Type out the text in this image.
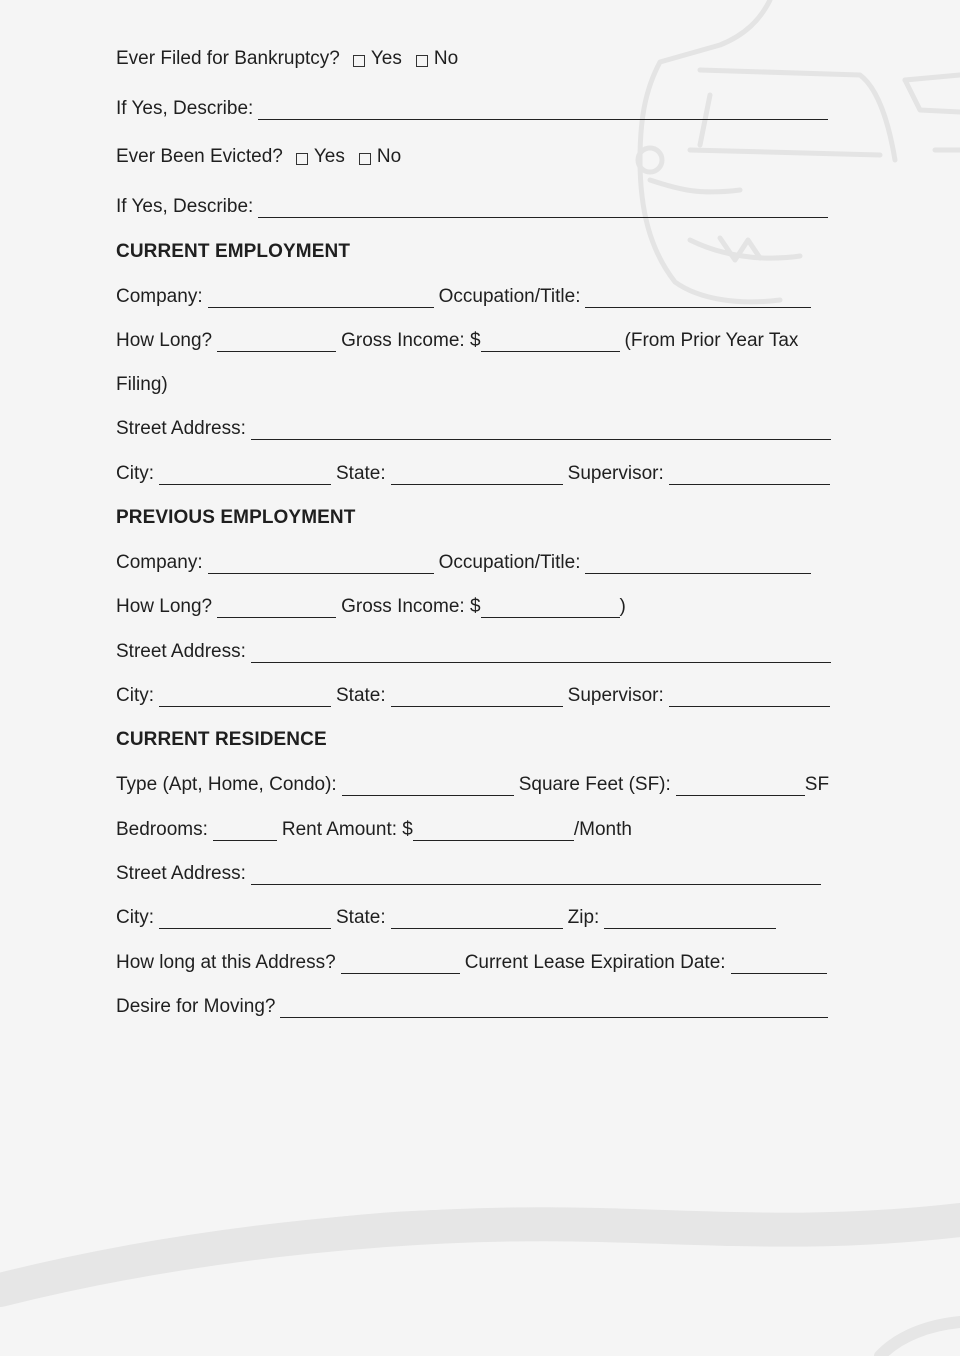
Ever Filed for Bankruptcy? Yes No
If Yes, Describe:
Ever Been Evicted? Yes No
If Yes, Describe:
CURRENT EMPLOYMENT
Company:	Occupation/Title:
How Long?	Gross Income: $	(From Prior Year Tax
Filing)
Street Address:
City:	State:	Supervisor:
PREVIOUS EMPLOYMENT
Company:	Occupation/Title:
How Long?	Gross Income: $	)
Street Address:
City:	State:	Supervisor:
CURRENT RESIDENCE
Type (Apt, Home, Condo):	Square Feet (SF):	SF
Bedrooms:	Rent Amount: $	/Month
Street Address:
City:	State:	Zip:
How long at this Address?	Current Lease Expiration Date:
Desire for Moving?
